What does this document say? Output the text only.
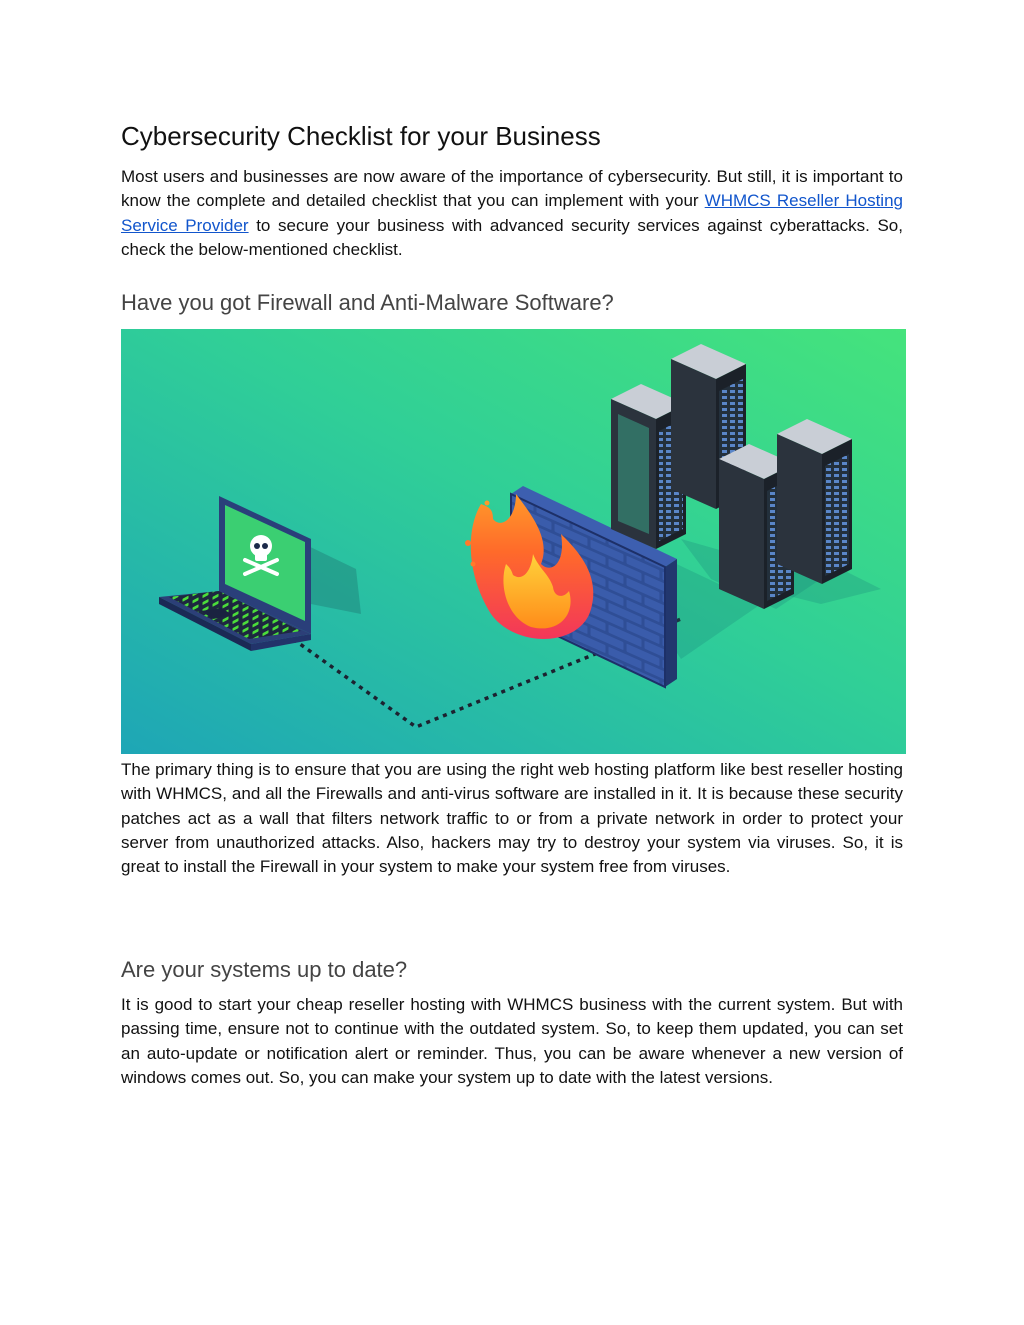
Cybersecurity Checklist for your Business

Most users and businesses are now aware of the importance of cybersecurity. But still, it is important to know the complete and detailed checklist that you can implement with your WHMCS Reseller Hosting Service Provider to secure your business with advanced security services against cyberattacks. So, check the below-mentioned checklist.

Have you got Firewall and Anti-Malware Software?

The primary thing is to ensure that you are using the right web hosting platform like best reseller hosting with WHMCS, and all the Firewalls and anti-virus software are installed in it. It is because these security patches act as a wall that filters network traffic to or from a private network in order to protect your server from unauthorized attacks. Also, hackers may try to destroy your system via viruses. So, it is great to install the Firewall in your system to make your system free from viruses.

Are your systems up to date?

It is good to start your cheap reseller hosting with WHMCS business with the current system. But with passing time, ensure not to continue with the outdated system. So, to keep them updated, you can set an auto-update or notification alert or reminder. Thus, you can be aware whenever a new version of windows comes out. So, you can make your system up to date with the latest versions.
